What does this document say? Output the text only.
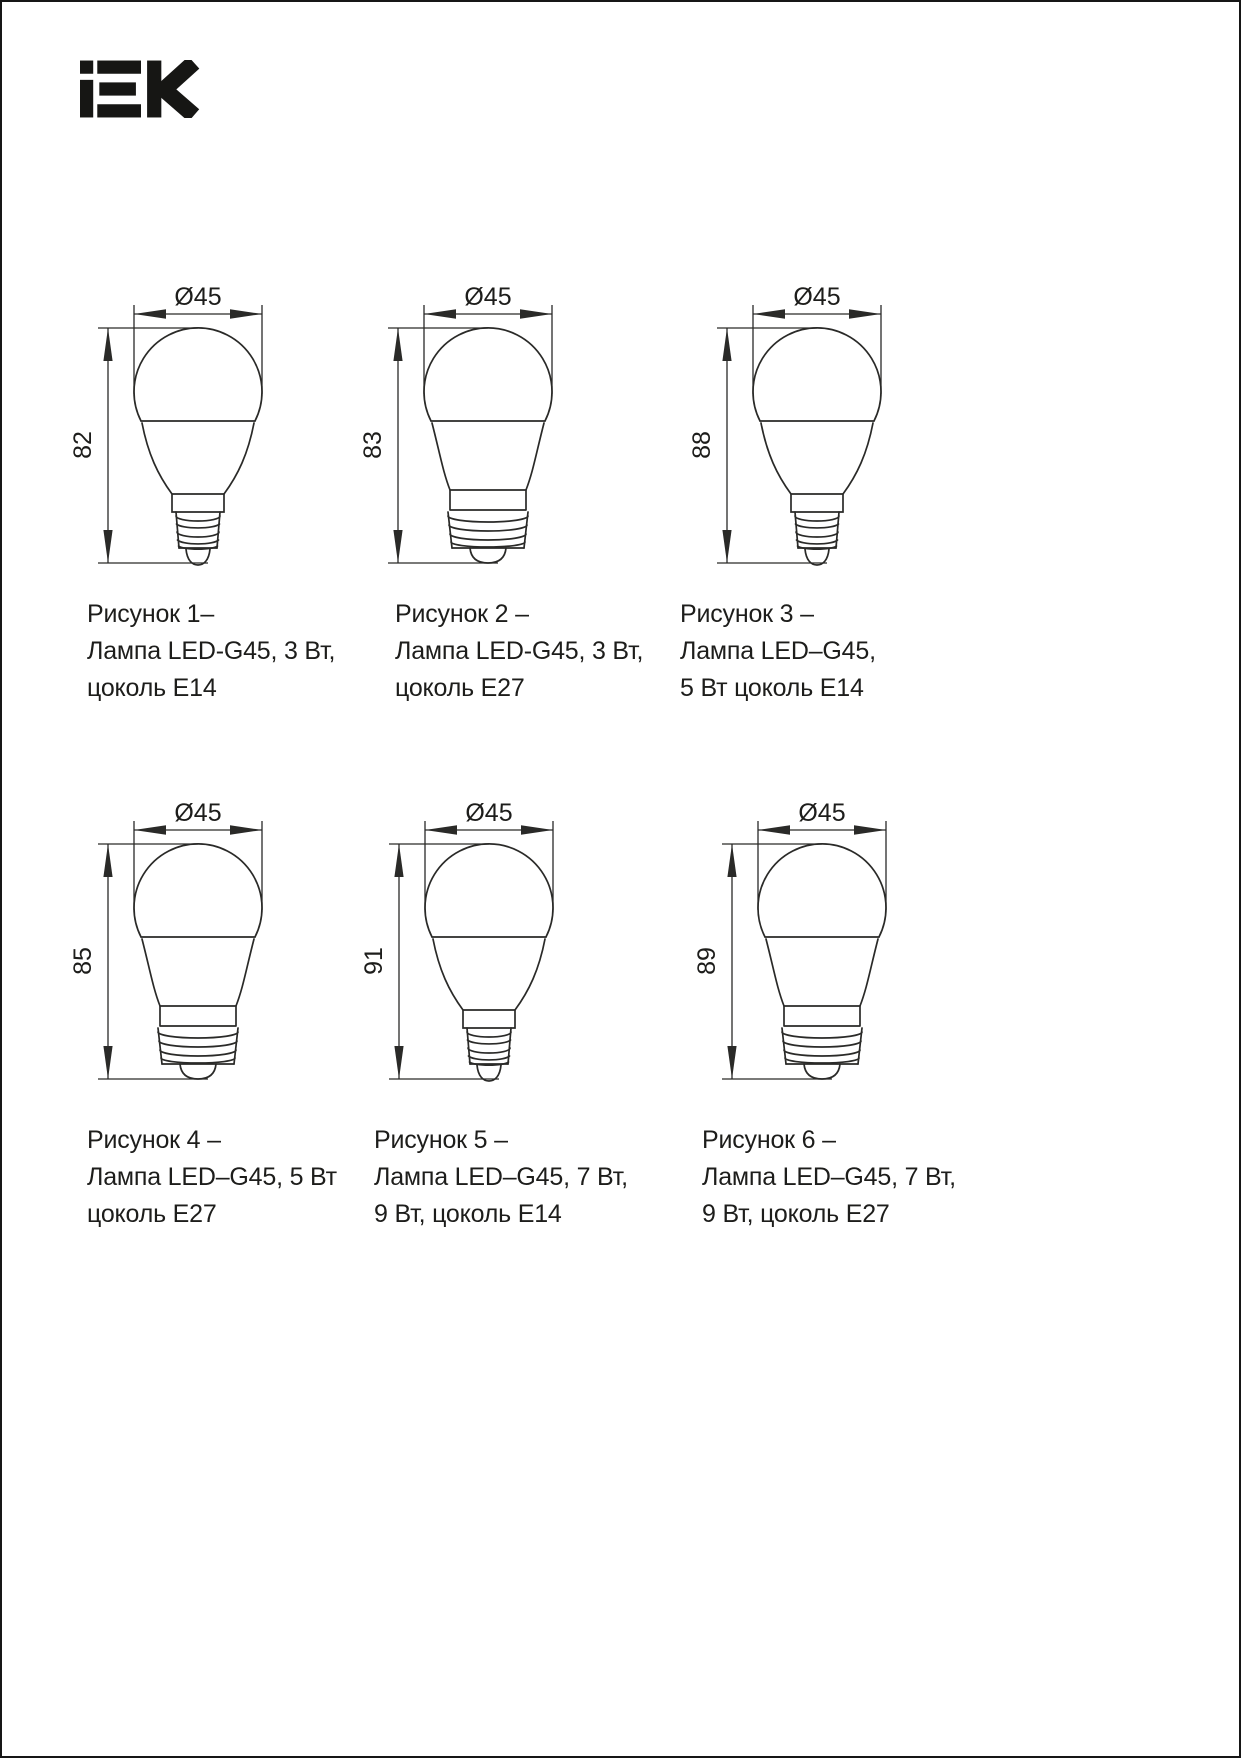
Ø45
82
Рисунок 1–
Лампа LED-G45, 3 Вт,
цоколь E14
Ø45
83
Рисунок 2 –
Лампа LED-G45, 3 Вт,
цоколь E27
Ø45
88
Рисунок 3 –
Лампа LED–G45,
5 Вт цоколь E14
Ø45
85
Рисунок 4 –
Лампа LED–G45, 5 Вт
цоколь E27
Ø45
91
Рисунок 5 –
Лампа LED–G45, 7 Вт,
9 Вт, цоколь E14
Ø45
89
Рисунок 6 –
Лампа LED–G45, 7 Вт,
9 Вт, цоколь E27
